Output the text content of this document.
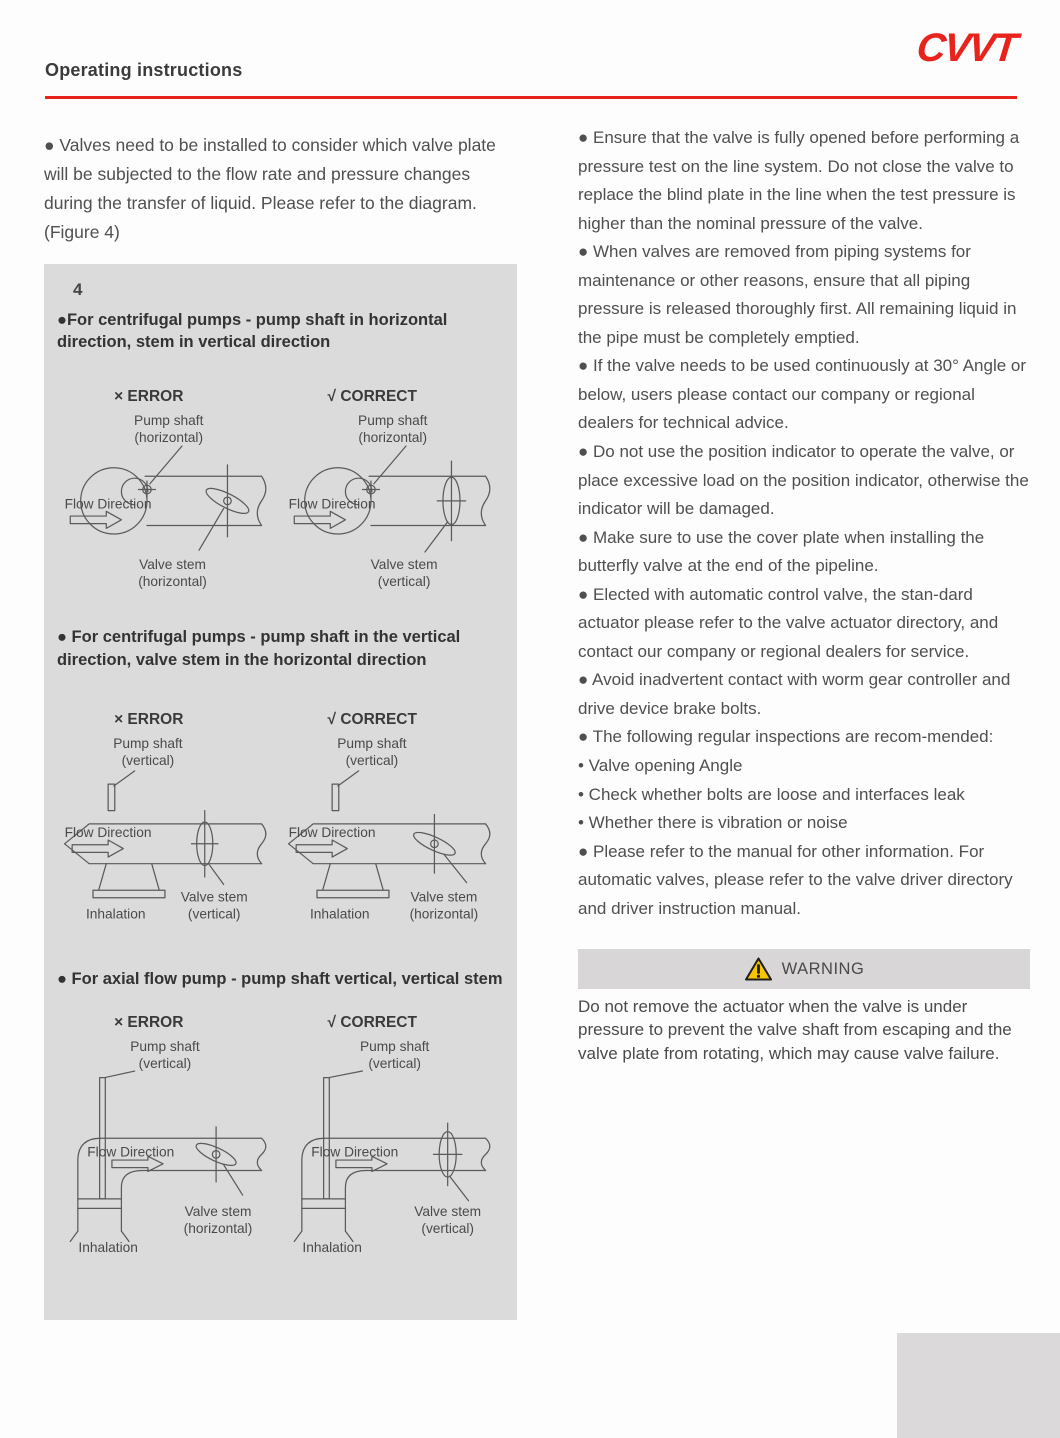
CVVT
Operating instructions

● Valves need to be installed to consider which valve plate will be subjected to the flow rate and pressure changes during the transfer of liquid. Please refer to the diagram. (Figure 4)

4
●For centrifugal pumps - pump shaft in horizontal direction, stem in vertical direction
× ERROR	√ CORRECT
Pump shaft
(horizontal)
Flow Direction
Valve stem
(horizontal)
Pump shaft
(horizontal)
Flow Direction
Valve stem
(vertical)
● For centrifugal pumps - pump shaft in the vertical direction, valve stem in the horizontal direction
× ERROR	√ CORRECT
Pump shaft
(vertical)
Flow Direction
Valve stem
(vertical)
Inhalation
Pump shaft
(vertical)
Flow Direction
Valve stem
(horizontal)
Inhalation
● For axial flow pump - pump shaft vertical, vertical stem
× ERROR	√ CORRECT
Pump shaft
(vertical)
Flow Direction
Valve stem
(horizontal)
Inhalation
Pump shaft
(vertical)
Flow Direction
Valve stem
(vertical)
Inhalation

● Ensure that the valve is fully opened before performing a pressure test on the line system. Do not close the valve to replace the blind plate in the line when the test pressure is higher than the nominal pressure of the valve.

● When valves are removed from piping systems for maintenance or other reasons, ensure that all piping pressure is released thoroughly first. All remaining liquid in the pipe must be completely emptied.

● If the valve needs to be used continuously at 30° Angle or below, users please contact our company or regional dealers for technical advice.

● Do not use the position indicator to operate the valve, or place excessive load on the position indicator, otherwise the indicator will be damaged.

● Make sure to use the cover plate when installing the butterfly valve at the end of the pipeline.

● Elected with automatic control valve, the stan-dard actuator please refer to the valve actuator directory, and contact our company or regional dealers for service.

● Avoid inadvertent contact with worm gear controller and drive device brake bolts.

● The following regular inspections are recom-mended:

• Valve opening Angle

• Check whether bolts are loose and interfaces leak

• Whether there is vibration or noise

● Please refer to the manual for other information. For automatic valves, please refer to the valve driver directory and driver instruction manual.

WARNING

Do not remove the actuator when the valve is under pressure to prevent the valve shaft from escaping and the valve plate from rotating, which may cause valve failure.
